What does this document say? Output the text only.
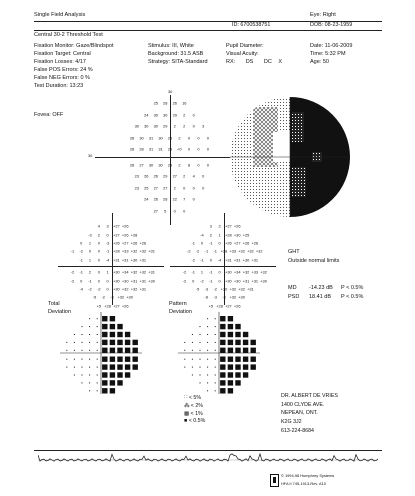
Single Field Analysis	Eye: Right
ID: 6700538751	DOB: 08-23-1959
Central 30-2 Threshold Test
Fixation Monitor: Gaze/Blindspot
Fixation Target: Central
Fixation Losses: 4/17
False POS Errors: 24 %
False NEG Errors: 0 %
Test Duration: 13:23
Stimulus: III, White
Background: 31.5 ASB
Strategy: SITA-Standard
Pupil Diameter:
Visual Acuity:
RX: DS DC X
Date: 11-06-2009
Time: 5:32 PM
Age: 50
Fovea: OFF
30
30
25 28 26 16
24 30 30 29 2 0
30 30 30 29 2 2 0 3
28 30 31 30 28 2 0 0 0
28 28 31 31 29 <0 0 0 0
28 27 30 30 29 2 8 0 0
23 26 26 29 27 2 4 0
23 25 27 27 2 0 0 0
24 26 28 22 7 0
27 5 0 0
4 3 +27 +26
-3 2 0 +27 +26 +28
0 1 0 -3 +26 +27 +26 +26
-1 -2 0 0 -1 +28 +33 +32 +32 +31
-1 1 0 -4 +31 +31 +30 +31
-2 -1 2 0 1 +30 +34 +32 +32 +31
-2 0 -1 0 0 +30 +30 +31 +31 +30
-4 -2 -2 0 +30 +32 +32 +31
-5 -2 -3 +32 +30
+5 +28 +27 +26
3 2 +27 +26
-4 2 1 +28 +30 +25
-1 0 -1 0 +26 +27 +26 +26
-2 -2 -1 -1 +28 +33 +32 +32 +32
-2 -1 0 -4 +31 +31 +30 +31
-2 -1 1 -1 0 +30 +34 +32 +33 +32
-2 0 -2 -1 0 +30 +30 +31 +31 +30
-5 -3 -2 +30 +32 +32 +31
-6 -3 -3 +32 +30
+5 +28 +27 +26
GHT
Outside normal limits
MD -14.23 dB P < 0.5%
PSD 18.41 dB P < 0.5%
Total
Deviation
Pattern
Deviation
∷ < 5%
⁂ < 2%
▩ < 1%
■ < 0.5%
DR. ALBERT DE VRIES
1400 CLYDE AVE.
NEPEAN, ONT.
K2G 3J2
613-224-8684
© 1994-98 Humphrey Systems
HFA II 745-1913-Rev. A10
